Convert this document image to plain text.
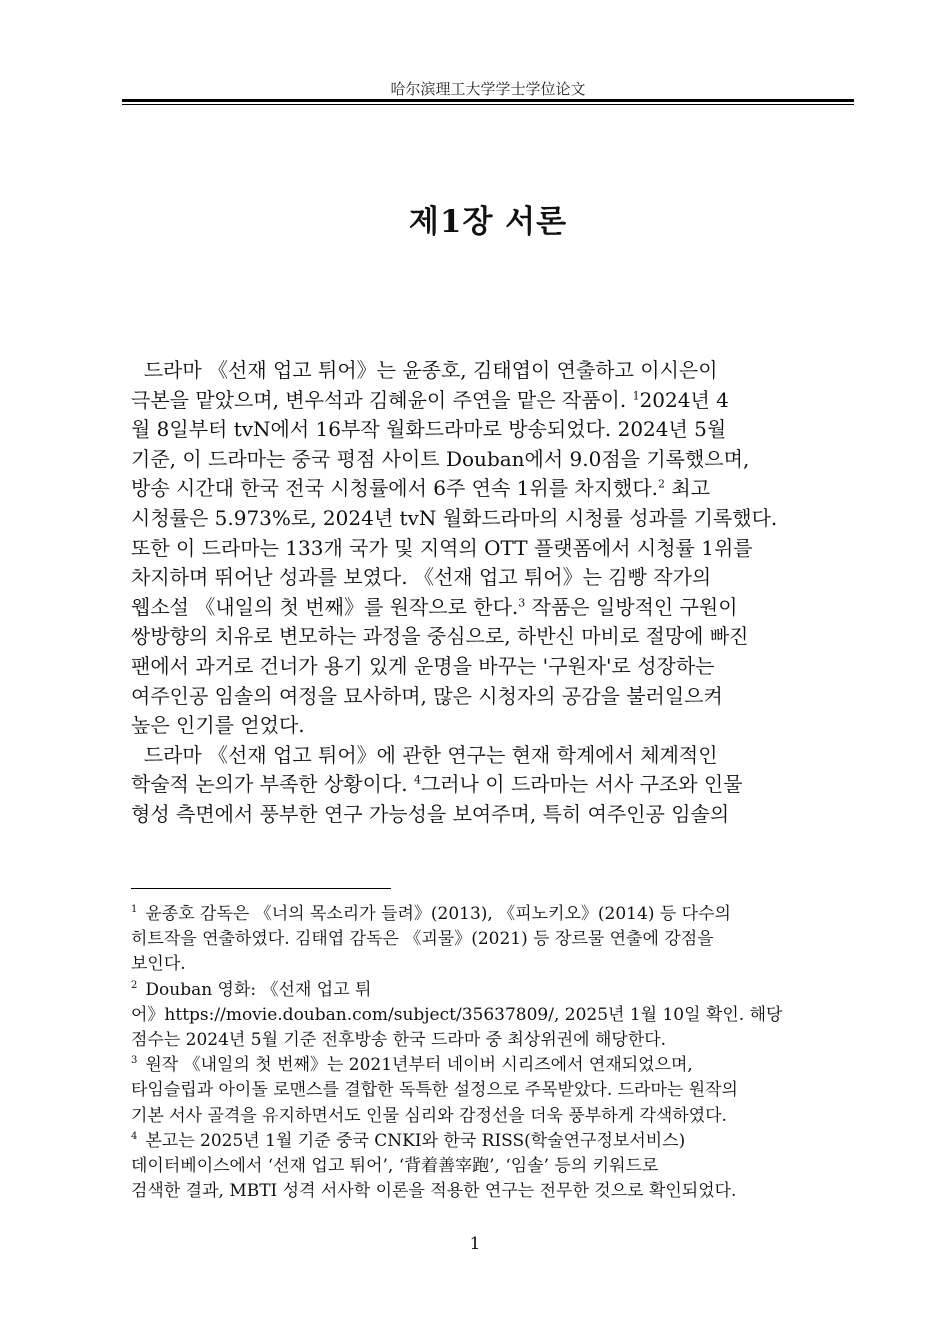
哈尔滨理工大学学士学位论文
제1장 서론
드라마 《선재 업고 튀어》는 윤종호, 김태엽이 연출하고 이시은이
극본을 맡았으며, 변우석과 김혜윤이 주연을 맡은 작품이. $^1$2024년 4
월 8일부터 tvN에서 16부작 월화드라마로 방송되었다. 2024년 5월
기준, 이 드라마는 중국 평점 사이트 Douban에서 9.0점을 기록했으며,
방송 시간대 한국 전국 시청률에서 6주 연속 1위를 차지했다.$^2$ 최고
시청률은 5.973%로, 2024년 tvN 월화드라마의 시청률 성과를 기록했다.
또한 이 드라마는 133개 국가 및 지역의 OTT 플랫폼에서 시청률 1위를
차지하며 뛰어난 성과를 보였다. 《선재 업고 튀어》는 김빵 작가의
웹소설 《내일의 첫 번째》를 원작으로 한다.$^3$ 작품은 일방적인 구원이
쌍방향의 치유로 변모하는 과정을 중심으로, 하반신 마비로 절망에 빠진
팬에서 과거로 건너가 용기 있게 운명을 바꾸는 '구원자'로 성장하는
여주인공 임솔의 여정을 묘사하며, 많은 시청자의 공감을 불러일으켜
높은 인기를 얻었다.
드라마 《선재 업고 튀어》에 관한 연구는 현재 학계에서 체계적인
학술적 논의가 부족한 상황이다. $^4$그러나 이 드라마는 서사 구조와 인물
형성 측면에서 풍부한 연구 가능성을 보여주며, 특히 여주인공 임솔의
$^1$ 윤종호 감독은 《너의 목소리가 들려》(2013), 《피노키오》(2014) 등 다수의
히트작을 연출하였다. 김태엽 감독은 《괴물》(2021) 등 장르물 연출에 강점을
보인다.
$^2$ Douban 영화: 《선재 업고 튀
어》https://movie.douban.com/subject/35637809/, 2025년 1월 10일 확인. 해당
점수는 2024년 5월 기준 전후방송 한국 드라마 중 최상위권에 해당한다.
$^3$ 원작 《내일의 첫 번째》는 2021년부터 네이버 시리즈에서 연재되었으며,
타임슬립과 아이돌 로맨스를 결합한 독특한 설정으로 주목받았다. 드라마는 원작의
기본 서사 골격을 유지하면서도 인물 심리와 감정선을 더욱 풍부하게 각색하였다.
$^4$ 본고는 2025년 1월 기준 중국 CNKI와 한국 RISS(학술연구정보서비스)
데이터베이스에서 ‘선재 업고 튀어’, ‘背着善宰跑’, ‘임솔’ 등의 키워드로
검색한 결과, MBTI 성격 서사학 이론을 적용한 연구는 전무한 것으로 확인되었다.
1
